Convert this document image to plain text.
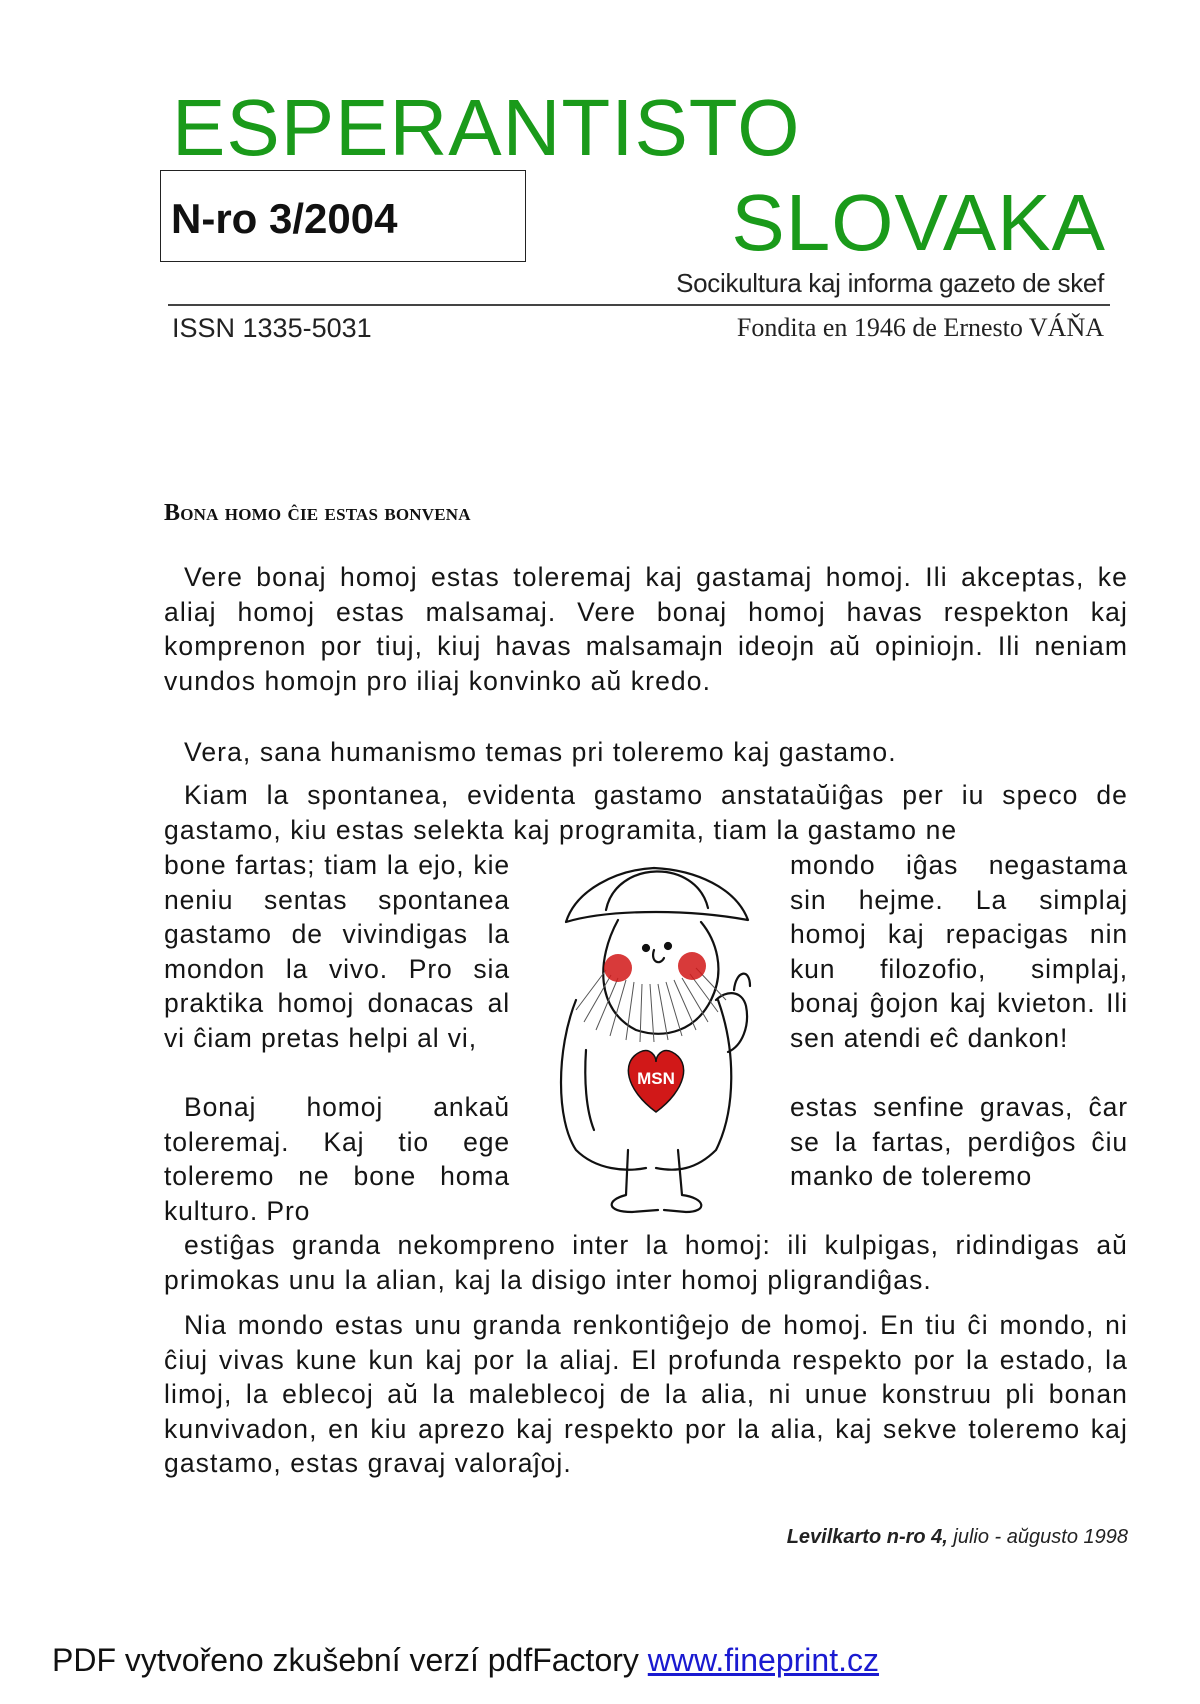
ESPERANTISTO
SLOVAKA
N-ro 3/2004
Socikultura kaj informa gazeto de skef
ISSN 1335-5031	Fondita en 1946 de Ernesto VÁŇA
Bona homo ĉie estas bonvena

Vere bonaj homoj estas toleremaj kaj gastamaj homoj. Ili akceptas, ke aliaj homoj estas malsamaj. Vere bonaj homoj havas respekton kaj komprenon por tiuj, kiuj havas malsamajn ideojn aŭ opiniojn. Ili neniam vundos homojn pro iliaj konvinko aŭ kredo.

Vera, sana humanismo temas pri toleremo kaj gastamo.

Kiam la spontanea, evidenta gastamo anstataŭiĝas per iu speco de gastamo, kiu estas selekta kaj programita, tiam la gastamo ne

bone fartas; tiam la ejo, kie neniu sentas spontanea gastamo de vivindigas la mondon la vivo. Pro sia praktika homoj donacas al vi ĉiam pretas helpi al vi,

mondo iĝas negastama sin hejme. La simplaj homoj kaj repacigas nin kun filozofio, simplaj, bonaj ĝojon kaj kvieton. Ili sen atendi eĉ dankon!

Bonaj homoj ankaŭ toleremaj. Kaj tio ege toleremo ne bone homa kulturo. Pro

estas senfine gravas, ĉar se la fartas, perdiĝos ĉiu manko de toleremo

estiĝas granda nekompreno inter la homoj: ili kulpigas, ridindigas aŭ primokas unu la alian, kaj la disigo inter homoj pligrandiĝas.

Nia mondo estas unu granda renkontiĝejo de homoj. En tiu ĉi mondo, ni ĉiuj vivas kune kun kaj por la aliaj. El profunda respekto por la estado, la limoj, la eblecoj aŭ la maleblecoj de la alia, ni unue konstruu pli bonan kunvivadon, en kiu aprezo kaj respekto por la alia, kaj sekve toleremo kaj gastamo, estas gravaj valoraĵoj.

Levilkarto n-ro 4, julio - aŭgusto 1998
MSN
PDF vytvořeno zkušební verzí pdfFactory www.fineprint.cz
